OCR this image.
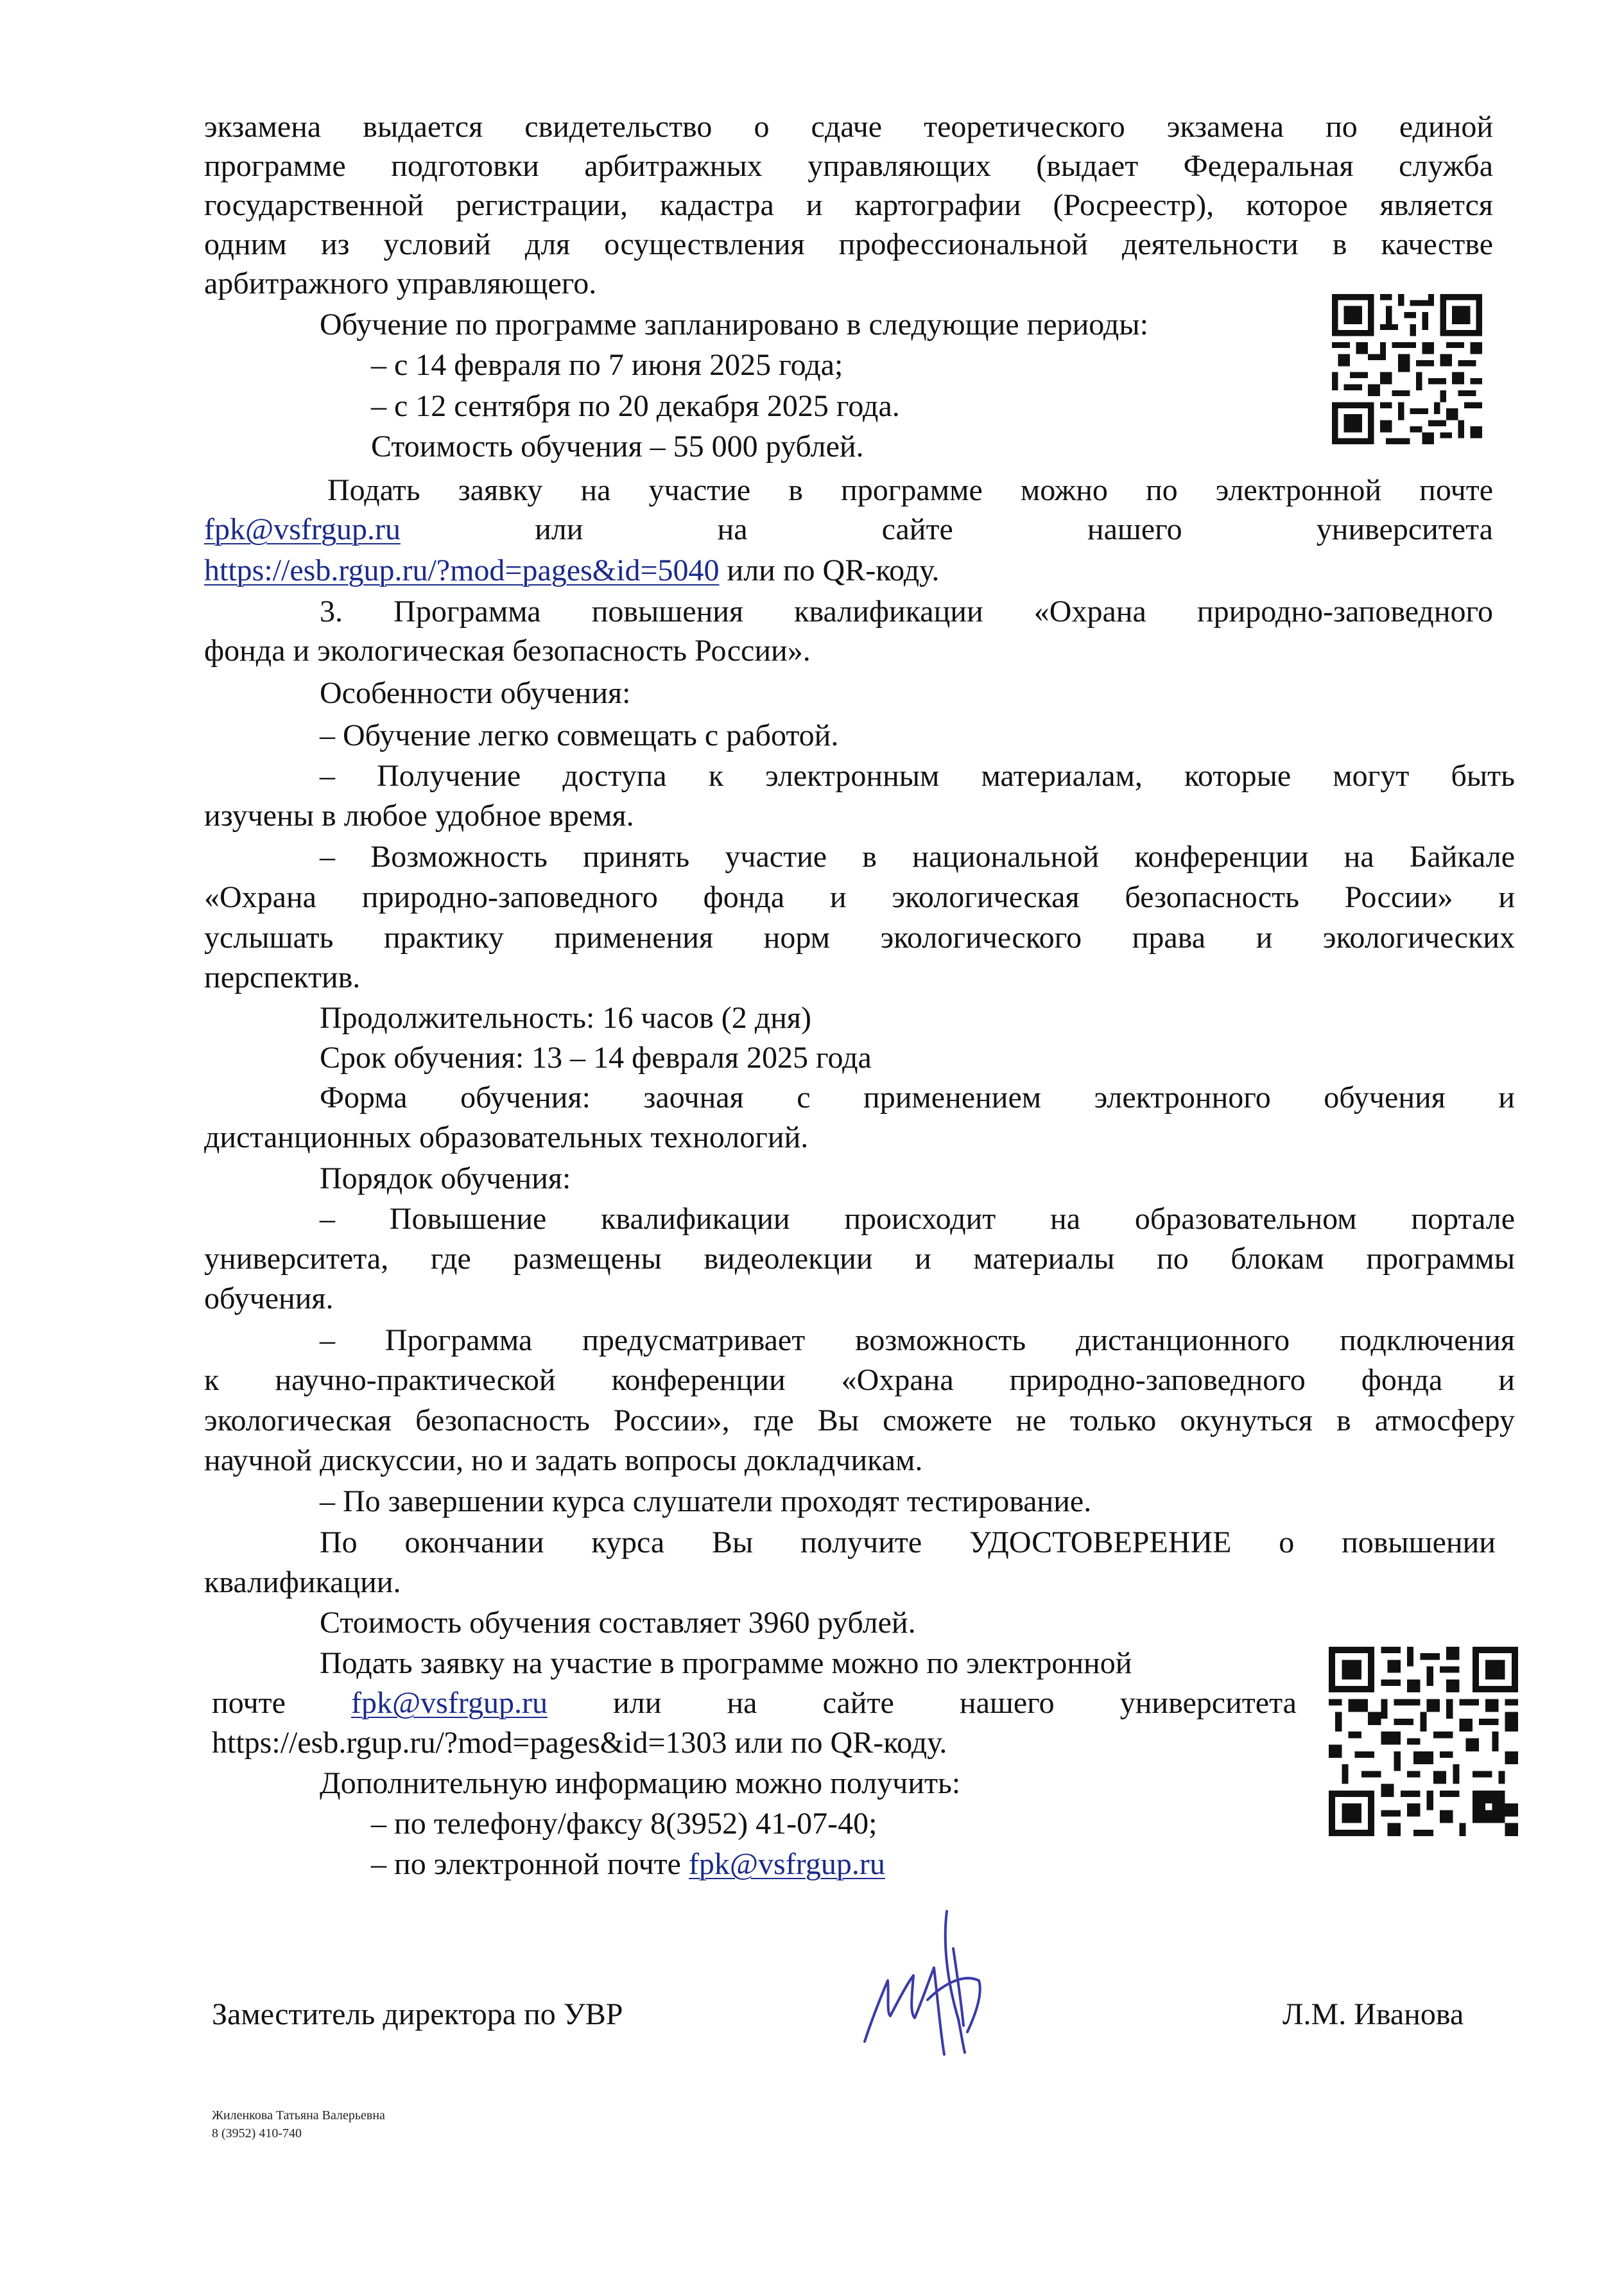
экзамена выдается свидетельство о сдаче теоретического экзамена по единой
программе подготовки арбитражных управляющих (выдает Федеральная служба
государственной регистрации, кадастра и картографии (Росреестр), которое является
одним из условий для осуществления профессиональной деятельности в качестве
арбитражного управляющего.
Обучение по программе запланировано в следующие периоды:
– с 14 февраля по 7 июня 2025 года;
– с 12 сентября по 20 декабря 2025 года.
Стоимость обучения – 55 000 рублей.
Подать заявку на участие в программе можно по электронной почте
fpk@vsfrgup.ru	или	на	сайте	нашего	университета
https://esb.rgup.ru/?mod=pages&id=5040 или по QR-коду.
3. Программа повышения квалификации «Охрана природно-заповедного
фонда и экологическая безопасность России».
Особенности обучения:
– Обучение легко совмещать с работой.
– Получение доступа к электронным материалам, которые могут быть
изучены в любое удобное время.
– Возможность принять участие в национальной конференции на Байкале
«Охрана природно-заповедного фонда и экологическая безопасность России» и
услышать практику применения норм экологического права и экологических
перспектив.
Продолжительность: 16 часов (2 дня)
Срок обучения: 13 – 14 февраля 2025 года
Форма обучения: заочная с применением электронного обучения и
дистанционных образовательных технологий.
Порядок обучения:
– Повышение квалификации происходит на образовательном портале
университета, где размещены видеолекции и материалы по блокам программы
обучения.
– Программа предусматривает возможность дистанционного подключения
к научно-практической конференции «Охрана природно-заповедного фонда и
экологическая безопасность России», где Вы сможете не только окунуться в атмосферу
научной дискуссии, но и задать вопросы докладчикам.
– По завершении курса слушатели проходят тестирование.
По окончании курса Вы получите УДОСТОВЕРЕНИЕ о повышении
квалификации.
Стоимость обучения составляет 3960 рублей.
Подать заявку на участие в программе можно по электронной
почте fpk@vsfrgup.ru или на сайте нашего университета
https://esb.rgup.ru/?mod=pages&id=1303 или по QR-коду.
Дополнительную информацию можно получить:
– по телефону/факсу 8(3952) 41-07-40;
– по электронной почте fpk@vsfrgup.ru
Заместитель директора по УВР	Л.М. Иванова
Жиленкова Татьяна Валерьевна
8 (3952) 410-740
